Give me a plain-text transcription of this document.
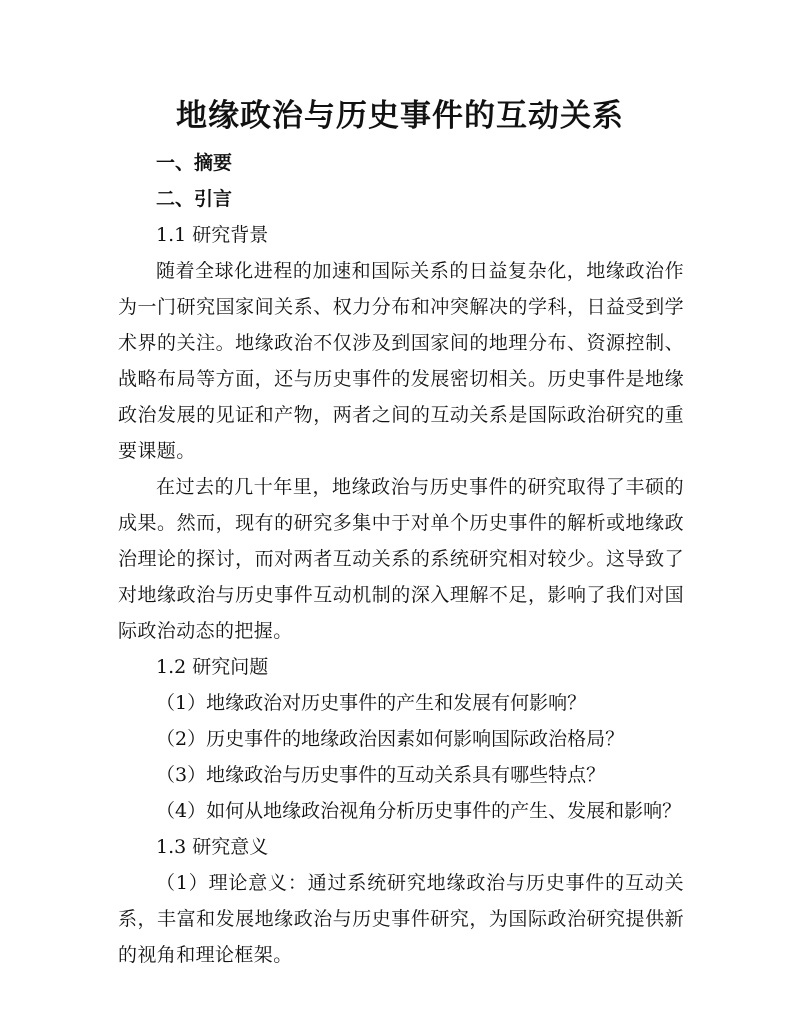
地缘政治与历史事件的互动关系

一、摘要

二、引言

1.1 研究背景

随着全球化进程的加速和国际关系的日益复杂化，地缘政治作为一门研究国家间关系、权力分布和冲突解决的学科，日益受到学术界的关注。地缘政治不仅涉及到国家间的地理分布、资源控制、战略布局等方面，还与历史事件的发展密切相关。历史事件是地缘政治发展的见证和产物，两者之间的互动关系是国际政治研究的重要课题。

在过去的几十年里，地缘政治与历史事件的研究取得了丰硕的成果。然而，现有的研究多集中于对单个历史事件的解析或地缘政治理论的探讨，而对两者互动关系的系统研究相对较少。这导致了对地缘政治与历史事件互动机制的深入理解不足，影响了我们对国际政治动态的把握。

1.2 研究问题

（1）地缘政治对历史事件的产生和发展有何影响？

（2）历史事件的地缘政治因素如何影响国际政治格局？

（3）地缘政治与历史事件的互动关系具有哪些特点？

（4）如何从地缘政治视角分析历史事件的产生、发展和影响？

1.3 研究意义

（1）理论意义：通过系统研究地缘政治与历史事件的互动关系，丰富和发展地缘政治与历史事件研究，为国际政治研究提供新的视角和理论框架。
